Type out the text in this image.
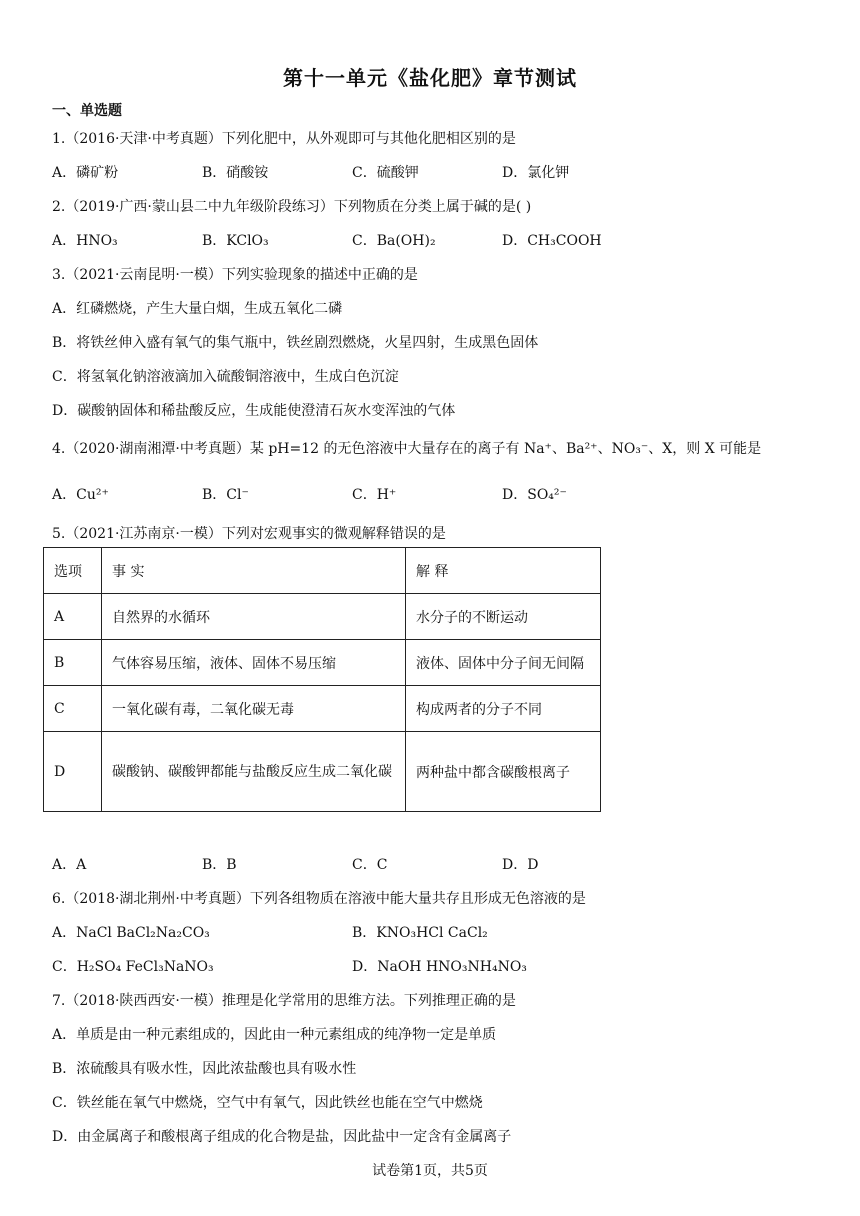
第十一单元《盐化肥》章节测试
一、单选题
1.（2016·天津·中考真题）下列化肥中，从外观即可与其他化肥相区别的是
A．磷矿粉	B．硝酸铵	C．硫酸钾	D．氯化钾
2.（2019·广西·蒙山县二中九年级阶段练习）下列物质在分类上属于碱的是( )
A．HNO₃	B．KClO₃	C．Ba(OH)₂	D．CH₃COOH
3.（2021·云南昆明·一模）下列实验现象的描述中正确的是
A．红磷燃烧，产生大量白烟，生成五氧化二磷
B．将铁丝伸入盛有氧气的集气瓶中，铁丝剧烈燃烧，火星四射，生成黑色固体
C．将氢氧化钠溶液滴加入硫酸铜溶液中，生成白色沉淀
D．碳酸钠固体和稀盐酸反应，生成能使澄清石灰水变浑浊的气体
4.（2020·湖南湘潭·中考真题）某 pH=12 的无色溶液中大量存在的离子有 Na⁺、Ba²⁺、NO₃⁻、X，则 X 可能是
A．Cu²⁺	B．Cl⁻	C．H⁺	D．SO₄²⁻
5.（2021·江苏南京·一模）下列对宏观事实的微观解释错误的是
选项	事 实	解 释
A	自然界的水循环	水分子的不断运动
B	气体容易压缩，液体、固体不易压缩	液体、固体中分子间无间隔
C	一氧化碳有毒，二氧化碳无毒	构成两者的分子不同
D	碳酸钠、碳酸钾都能与盐酸反应生成二氧化碳	两种盐中都含碳酸根离子
A．A	B．B	C．C	D．D
6.（2018·湖北荆州·中考真题）下列各组物质在溶液中能大量共存且形成无色溶液的是
A．NaCl BaCl₂Na₂CO₃	B．KNO₃HCl CaCl₂
C．H₂SO₄ FeCl₃NaNO₃	D．NaOH HNO₃NH₄NO₃
7.（2018·陕西西安·一模）推理是化学常用的思维方法。下列推理正确的是
A．单质是由一种元素组成的，因此由一种元素组成的纯净物一定是单质
B．浓硫酸具有吸水性，因此浓盐酸也具有吸水性
C．铁丝能在氧气中燃烧，空气中有氧气，因此铁丝也能在空气中燃烧
D．由金属离子和酸根离子组成的化合物是盐，因此盐中一定含有金属离子
试卷第1页，共5页
